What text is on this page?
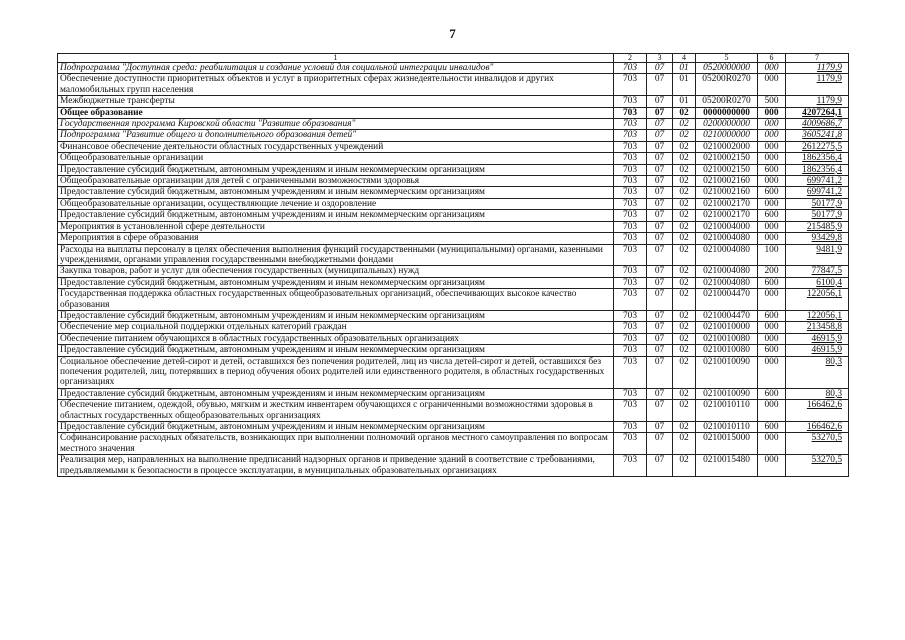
7
1	2	3	4	5	6	7
Подпрограмма "Доступная среда: реабилитация и создание условий для социальной интеграции инвалидов"	703	07	01	0520000000	000	1179,9
Обеспечение доступности приоритетных объектов и услуг в приоритетных сферах жизнедеятельности инвалидов и других маломобильных групп населения	703	07	01	05200R0270	000	1179,9
Межбюджетные трансферты	703	07	01	05200R0270	500	1179,9
Общее образование	703	07	02	0000000000	000	4207264,1
Государственная программа Кировской области "Развитие образования"	703	07	02	0200000000	000	4009686,7
Подпрограмма "Развитие общего и дополнительного образования детей"	703	07	02	0210000000	000	3605241,8
Финансовое обеспечение деятельности областных государственных учреждений	703	07	02	0210002000	000	2612275,5
Общеобразовательные организации	703	07	02	0210002150	000	1862356,4
Предоставление субсидий бюджетным, автономным учреждениям и иным некоммерческим организациям	703	07	02	0210002150	600	1862356,4
Общеобразовательные организации для детей с ограниченными возможностями здоровья	703	07	02	0210002160	000	699741,2
Предоставление субсидий бюджетным, автономным учреждениям и иным некоммерческим организациям	703	07	02	0210002160	600	699741,2
Общеобразовательные организации, осуществляющие лечение и оздоровление	703	07	02	0210002170	000	50177,9
Предоставление субсидий бюджетным, автономным учреждениям и иным некоммерческим организациям	703	07	02	0210002170	600	50177,9
Мероприятия в установленной сфере деятельности	703	07	02	0210004000	000	215485,9
Мероприятия в сфере образования	703	07	02	0210004080	000	93429,8
Расходы на выплаты персоналу в целях обеспечения выполнения функций государственными (муниципальными) органами, казенными учреждениями, органами управления государственными внебюджетными фондами	703	07	02	0210004080	100	9481,9
Закупка товаров, работ и услуг для обеспечения государственных (муниципальных) нужд	703	07	02	0210004080	200	77847,5
Предоставление субсидий бюджетным, автономным учреждениям и иным некоммерческим организациям	703	07	02	0210004080	600	6100,4
Государственная поддержка областных государственных общеобразовательных организаций, обеспечивающих высокое качество образования	703	07	02	0210004470	000	122056,1
Предоставление субсидий бюджетным, автономным учреждениям и иным некоммерческим организациям	703	07	02	0210004470	600	122056,1
Обеспечение мер социальной поддержки отдельных категорий граждан	703	07	02	0210010000	000	213458,8
Обеспечение питанием обучающихся в областных государственных образовательных организациях	703	07	02	0210010080	000	46915,9
Предоставление субсидий бюджетным, автономным учреждениям и иным некоммерческим организациям	703	07	02	0210010080	600	46915,9
Социальное обеспечение детей-сирот и детей, оставшихся без попечения родителей, лиц из числа детей-сирот и детей, оставшихся без попечения родителей, лиц, потерявших в период обучения обоих родителей или единственного родителя, в областных государственных организациях	703	07	02	0210010090	000	80,3
Предоставление субсидий бюджетным, автономным учреждениям и иным некоммерческим организациям	703	07	02	0210010090	600	80,3
Обеспечение питанием, одеждой, обувью, мягким и жестким инвентарем обучающихся с ограниченными возможностями здоровья в областных государственных общеобразовательных организациях	703	07	02	0210010110	000	166462,6
Предоставление субсидий бюджетным, автономным учреждениям и иным некоммерческим организациям	703	07	02	0210010110	600	166462,6
Софинансирование расходных обязательств, возникающих при выполнении полномочий органов местного самоуправления по вопросам местного значения	703	07	02	0210015000	000	53270,5
Реализация мер, направленных на выполнение предписаний надзорных органов и приведение зданий в соответствие с требованиями, предъявляемыми к безопасности в процессе эксплуатации, в муниципальных образовательных организациях	703	07	02	0210015480	000	53270,5
